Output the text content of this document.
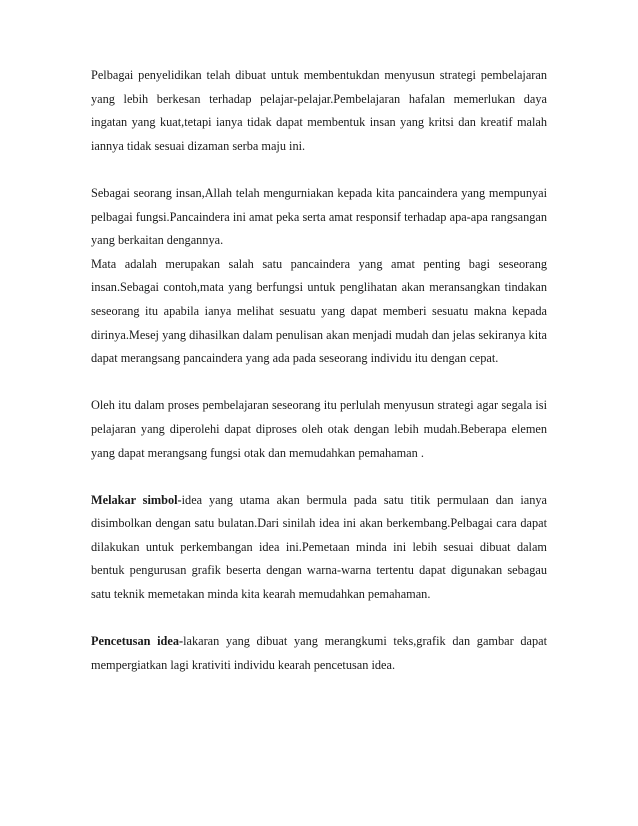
Pelbagai penyelidikan telah dibuat untuk membentukdan menyusun strategi pembelajaran yang lebih berkesan terhadap pelajar-pelajar.Pembelajaran hafalan memerlukan daya ingatan yang kuat,tetapi ianya tidak dapat membentuk insan yang kritsi dan kreatif malah iannya tidak sesuai dizaman serba maju ini.

Sebagai seorang insan,Allah telah mengurniakan kepada kita pancaindera yang mempunyai pelbagai fungsi.Pancaindera ini amat peka serta amat responsif terhadap apa-apa rangsangan yang berkaitan dengannya.

Mata adalah merupakan salah satu pancaindera yang amat penting bagi seseorang insan.Sebagai contoh,mata yang berfungsi untuk penglihatan akan meransangkan tindakan seseorang itu apabila ianya melihat sesuatu yang dapat memberi sesuatu makna kepada dirinya.Mesej yang dihasilkan dalam penulisan akan menjadi mudah dan jelas sekiranya kita dapat merangsang pancaindera yang ada pada seseorang individu itu dengan cepat.

Oleh itu dalam proses pembelajaran seseorang itu perlulah menyusun strategi agar segala isi pelajaran yang diperolehi dapat diproses oleh otak dengan lebih mudah.Beberapa elemen yang dapat merangsang fungsi otak dan memudahkan pemahaman .

Melakar simbol-idea yang utama akan bermula pada satu titik permulaan dan ianya disimbolkan dengan satu bulatan.Dari sinilah idea ini akan berkembang.Pelbagai cara dapat dilakukan untuk perkembangan idea ini.Pemetaan minda ini lebih sesuai dibuat dalam bentuk pengurusan grafik beserta dengan warna-warna tertentu dapat digunakan sebagau satu teknik memetakan minda kita kearah memudahkan pemahaman.

Pencetusan idea-lakaran yang dibuat yang merangkumi teks,grafik dan gambar dapat mempergiatkan lagi krativiti individu kearah pencetusan idea.
